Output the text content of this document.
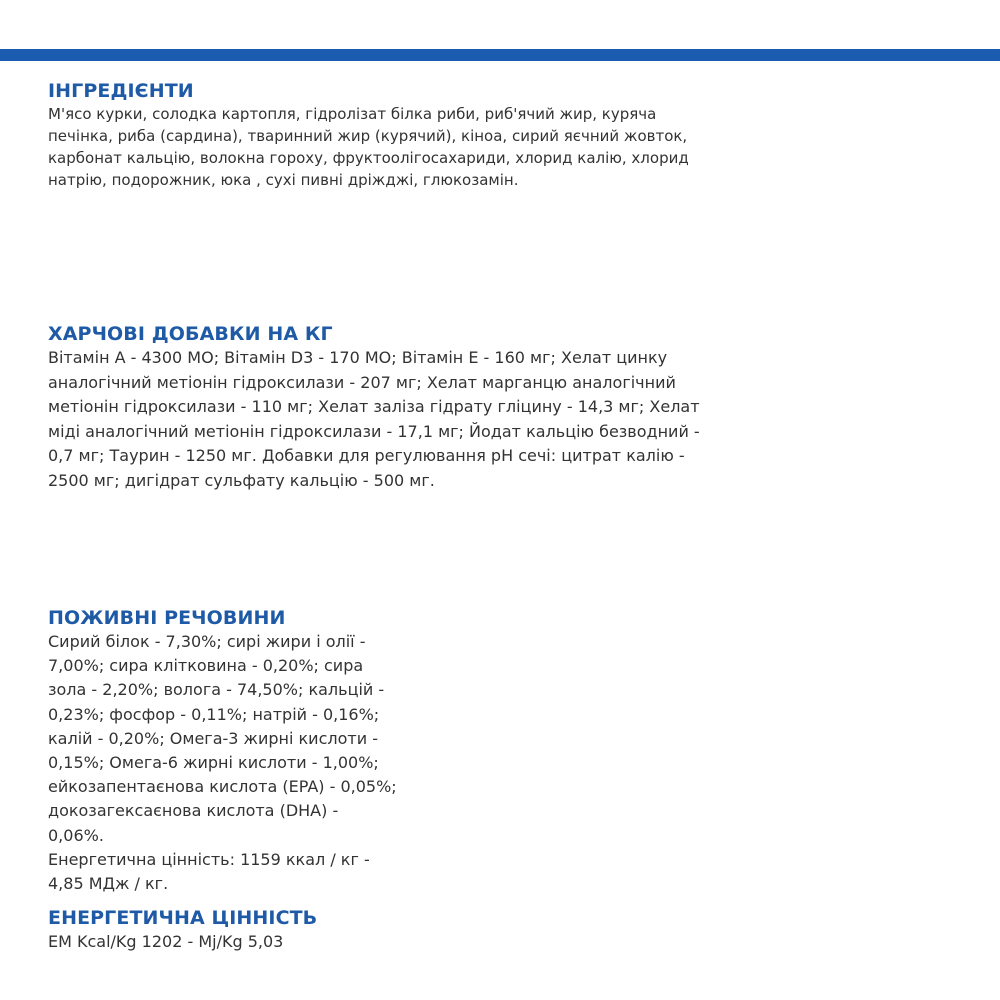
ІНГРЕДІЄНТИ

М'ясо курки, солодка картопля, гідролізат білка риби, риб'ячий жир, куряча печінка, риба (сардина), тваринний жир (курячий), кіноа, сирий яєчний жовток, карбонат кальцію, волокна гороху, фруктоолігосахариди, хлорид калію, хлорид натрію, подорожник, юка , сухі пивні дріжджі, глюкозамін.

ХАРЧОВІ ДОБАВКИ НА КГ

Вітамін А - 4300 МО; Вітамін D3 - 170 МО; Вітамін Е - 160 мг; Хелат цинку аналогічний метіонін гідроксилази - 207 мг; Хелат марганцю аналогічний метіонін гідроксилази - 110 мг; Хелат заліза гідрату гліцину - 14,3 мг; Хелат міді аналогічний метіонін гідроксилази - 17,1 мг; Йодат кальцію безводний - 0,7 мг; Таурин - 1250 мг. Добавки для регулювання pH сечі: цитрат калію - 2500 мг; дигідрат сульфату кальцію - 500 мг.

ПОЖИВНІ РЕЧОВИНИ

Сирий білок - 7,30%; сирі жири і олії - 7,00%; сира клітковина - 0,20%; сира зола - 2,20%; волога - 74,50%; кальцій - 0,23%; фосфор - 0,11%; натрій - 0,16%; калій - 0,20%; Омега-3 жирні кислоти - 0,15%; Омега-6 жирні кислоти - 1,00%; ейкозапентаєнова кислота (EPA) - 0,05%; докозагексаєнова кислота (DHA) - 0,06%.

Енергетична цінність: 1159 ккал / кг - 4,85 МДж / кг.

ЕНЕРГЕТИЧНА ЦІННІСТЬ

EM Kcal/Kg 1202 - Mj/Kg 5,03
